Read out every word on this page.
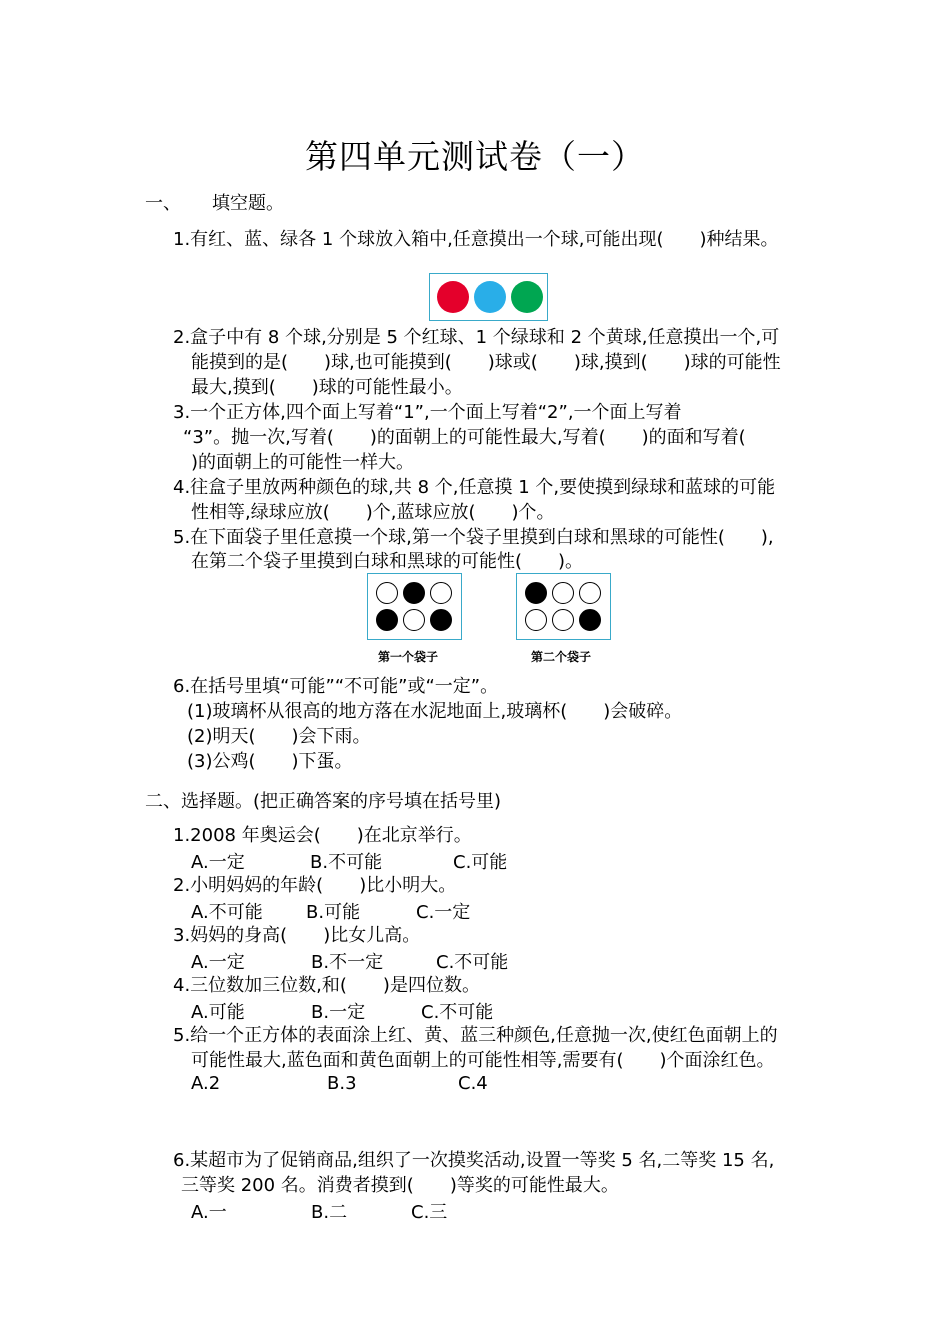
第四单元测试卷（一）
一、 填空题。
1.有红、蓝、绿各 1 个球放入箱中,任意摸出一个球,可能出现(　　)种结果。
2.盒子中有 8 个球,分别是 5 个红球、1 个绿球和 2 个黄球,任意摸出一个,可
能摸到的是(　　)球,也可能摸到(　　)球或(　　)球,摸到(　　)球的可能性
最大,摸到(　　)球的可能性最小。
3.一个正方体,四个面上写着“1”,一个面上写着“2”,一个面上写着
“3”。抛一次,写着(　　)的面朝上的可能性最大,写着(　　)的面和写着(
)的面朝上的可能性一样大。
4.往盒子里放两种颜色的球,共 8 个,任意摸 1 个,要使摸到绿球和蓝球的可能
性相等,绿球应放(　　)个,蓝球应放(　　)个。
5.在下面袋子里任意摸一个球,第一个袋子里摸到白球和黑球的可能性(　　),
在第二个袋子里摸到白球和黑球的可能性(　　)。
第一个袋子	第二个袋子
6.在括号里填“可能”“不可能”或“一定”。
(1)玻璃杯从很高的地方落在水泥地面上,玻璃杯(　　)会破碎。
(2)明天(　　)会下雨。
(3)公鸡(　　)下蛋。
二、选择题。(把正确答案的序号填在括号里)
1.2008 年奥运会(　　)在北京举行。
A.一定	B.不可能	C.可能
2.小明妈妈的年龄(　　)比小明大。
A.不可能 B.可能	C.一定
3.妈妈的身高(　　)比女儿高。
A.一定	B.不一定	C.不可能
4.三位数加三位数,和(　　)是四位数。
A.可能	B.一定	C.不可能
5.给一个正方体的表面涂上红、黄、蓝三种颜色,任意抛一次,使红色面朝上的
可能性最大,蓝色面和黄色面朝上的可能性相等,需要有(　　)个面涂红色。
A.2	B.3	C.4
6.某超市为了促销商品,组织了一次摸奖活动,设置一等奖 5 名,二等奖 15 名,
三等奖 200 名。消费者摸到(　　)等奖的可能性最大。
A.一	B.二	C.三
